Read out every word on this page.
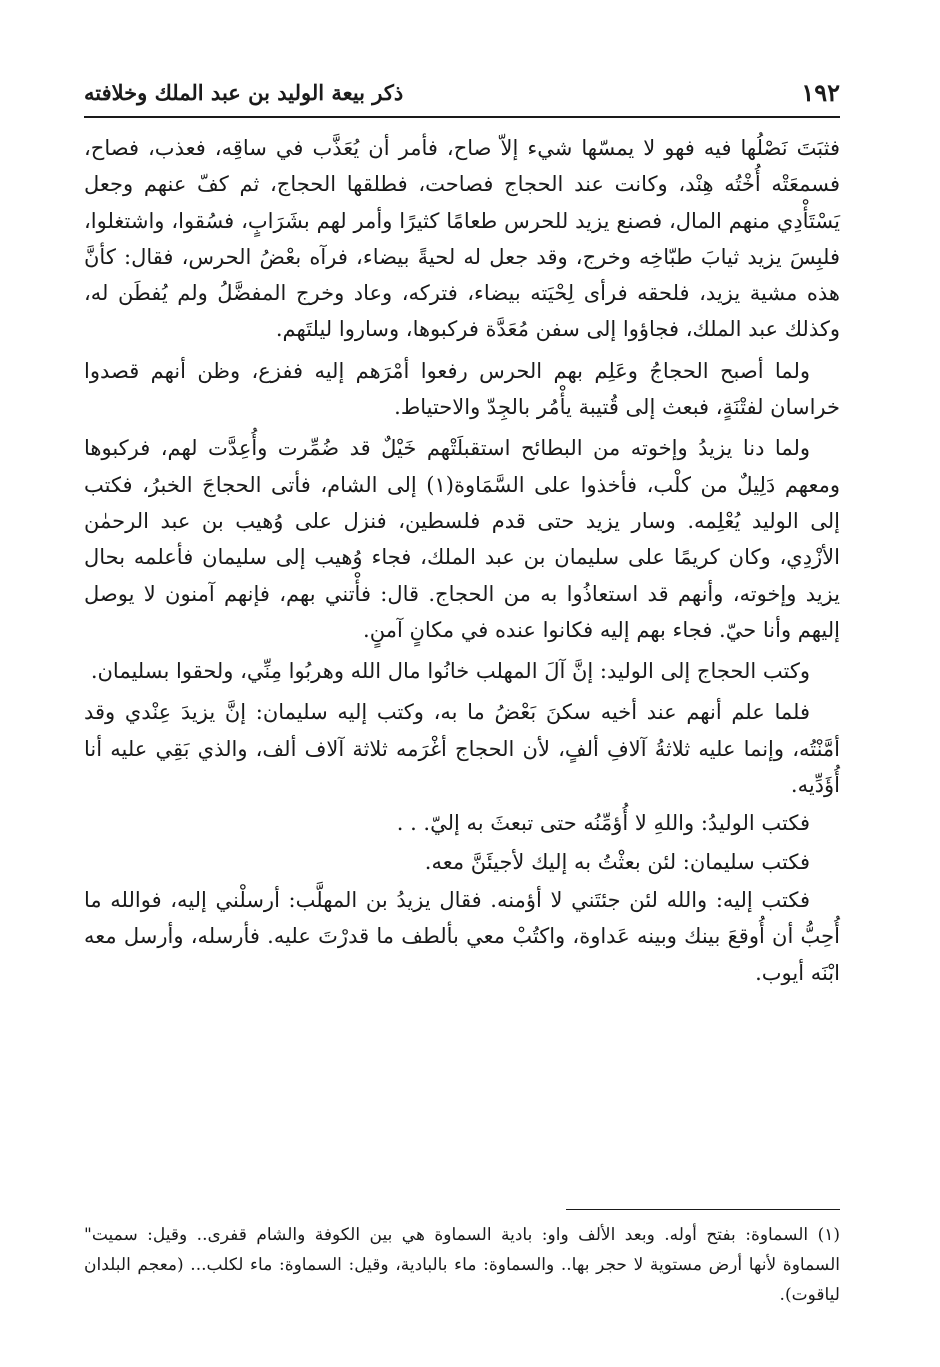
١٩٢
ذكر بيعة الوليد بن عبد الملك وخلافته

فثبَتَ نَصْلُها فيه فهو لا يمسّها شيء إلاّ صاح، فأمر أن يُعَذَّب في ساقِه، فعذب، فصاح، فسمعَتْه أُخْتُه هِنْد، وكانت عند الحجاج فصاحت، فطلقها الحجاج، ثم كفّ عنهم وجعل يَسْتَأْدِي منهم المال، فصنع يزيد للحرس طعامًا كثيرًا وأمر لهم بشَرَابٍ، فسُقوا، واشتغلوا، فلبِسَ يزيد ثيابَ طبّاخِه وخرج، وقد جعل له لحيةً بيضاء، فرآه بعْضُ الحرس، فقال: كأنَّ هذه مشية يزيد، فلحقه فرأى لِحْيَته بيضاء، فتركه، وعاد وخرج المفضَّلُ ولم يُفطَن له، وكذلك عبد الملك، فجاؤوا إلى سفن مُعَدَّة فركبوها، وساروا ليلتَهم.

ولما أصبح الحجاجُ وعَلِم بهم الحرس رفعوا أمْرَهم إليه ففزع، وظن أنهم قصدوا خراسان لفتْنَةٍ، فبعث إلى قُتيبة يأْمُر بالجِدّ والاحتياط.

ولما دنا يزيدُ وإخوته من البطائح استقبلَتْهم خَيْلٌ قد ضُمِّرت وأُعِدَّت لهم، فركبوها ومعهم دَلِيلٌ من كلْب، فأخذوا على السَّمَاوة(١) إلى الشام، فأتى الحجاجَ الخبرُ، فكتب إلى الوليد يُعْلِمه. وسار يزيد حتى قدم فلسطين، فنزل على وُهيب بن عبد الرحمٰن الأزْدِي، وكان كريمًا على سليمان بن عبد الملك، فجاء وُهيب إلى سليمان فأعلمه بحال يزيد وإخوته، وأنهم قد استعاذُوا به من الحجاج. قال: فأْتني بهم، فإنهم آمنون لا يوصل إليهم وأنا حيّ. فجاء بهم إليه فكانوا عنده في مكانٍ آمنٍ.

وكتب الحجاج إلى الوليد: إنَّ آلَ المهلب خانُوا مال الله وهربُوا مِنِّي، ولحقوا بسليمان.

فلما علم أنهم عند أخيه سكنَ بَعْضُ ما به، وكتب إليه سليمان: إنَّ يزيدَ عِنْدي وقد أمَّنْتُه، وإنما عليه ثلاثةُ آلافِ ألفٍ، لأن الحجاج أغْرَمه ثلاثة آلاف ألف، والذي بَقِي عليه أنا أُؤَدِّيه.

فكتب الوليدُ: واللهِ لا أُؤمِّنُه حتى تبعثَ به إليّ. . .

فكتب سليمان: لئن بعثْتُ به إليك لأجيئَنَّ معه.

فكتب إليه: والله لئن جئتَني لا أؤمنه. فقال يزيدُ بن المهلَّب: أرسلْني إليه، فوالله ما أُحِبُّ أن أُوقعَ بينك وبينه عَداوة، واكتُبْ معي بألطف ما قدرْتَ عليه. فأرسله، وأرسل معه ابْنَه أيوب.

(١) السماوة: بفتح أوله. وبعد الألف واو: بادية السماوة هي بين الكوفة والشام قفرى.. وقيل: سميت" السماوة لأنها أرض مستوية لا حجر بها.. والسماوة: ماء بالبادية، وقيل: السماوة: ماء لكلب... (معجم البلدان لياقوت).
